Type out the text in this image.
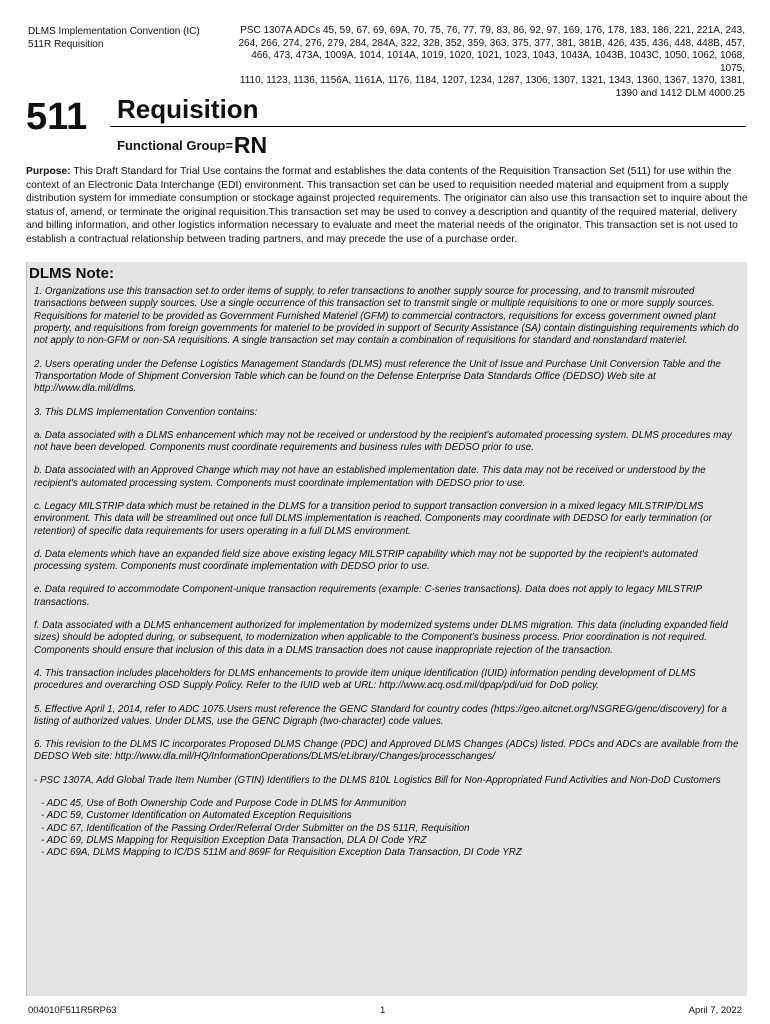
DLMS Implementation Convention (IC)
511R Requisition
PSC 1307A ADCs 45, 59, 67, 69, 69A, 70, 75, 76, 77, 79, 83, 86, 92, 97, 169, 176, 178, 183, 186, 221, 221A, 243,
264, 266, 274, 276, 279, 284, 284A, 322, 328, 352, 359, 363, 375, 377, 381, 381B, 426, 435, 436, 448, 448B, 457,
466, 473, 473A, 1009A, 1014, 1014A, 1019, 1020, 1021, 1023, 1043, 1043A, 1043B, 1043C, 1050, 1062, 1068, 1075,
1110, 1123, 1136, 1156A, 1161A, 1176, 1184, 1207, 1234, 1287, 1306, 1307, 1321, 1343, 1360, 1367, 1370, 1381,
1390 and 1412 DLM 4000.25
511 Requisition
Functional Group=RN
Purpose: This Draft Standard for Trial Use contains the format and establishes the data contents of the Requisition Transaction Set (511) for use within the context of an Electronic Data Interchange (EDI) environment. This transaction set can be used to requisition needed material and equipment from a supply distribution system for immediate consumption or stockage against projected requirements. The originator can also use this transaction set to inquire about the status of, amend, or terminate the original requisition.This transaction set may be used to convey a description and quantity of the required material, delivery and billing information, and other logistics information necessary to evaluate and meet the material needs of the originator. This transaction set is not used to establish a contractual relationship between trading partners, and may precede the use of a purchase order.
DLMS Note:

1. Organizations use this transaction set to order items of supply, to refer transactions to another supply source for processing, and to transmit misrouted transactions between supply sources. Use a single occurrence of this transaction set to transmit single or multiple requisitions to one or more supply sources. Requisitions for materiel to be provided as Government Furnished Materiel (GFM) to commercial contractors, requisitions for excess government owned plant property, and requisitions from foreign governments for materiel to be provided in support of Security Assistance (SA) contain distinguishing requirements which do not apply to non-GFM or non-SA requisitions. A single transaction set may contain a combination of requisitions for standard and nonstandard materiel.

2. Users operating under the Defense Logistics Management Standards (DLMS) must reference the Unit of Issue and Purchase Unit Conversion Table and the Transportation Mode of Shipment Conversion Table which can be found on the Defense Enterprise Data Standards Office (DEDSO) Web site at http://www.dla.mil/dlms.

3. This DLMS Implementation Convention contains:

a. Data associated with a DLMS enhancement which may not be received or understood by the recipient's automated processing system. DLMS procedures may not have been developed. Components must coordinate requirements and business rules with DEDSO prior to use.

b. Data associated with an Approved Change which may not have an established implementation date. This data may not be received or understood by the recipient's automated processing system. Components must coordinate implementation with DEDSO prior to use.

c. Legacy MILSTRIP data which must be retained in the DLMS for a transition period to support transaction conversion in a mixed legacy MILSTRIP/DLMS environment. This data will be streamlined out once full DLMS implementation is reached. Components may coordinate with DEDSO for early termination (or retention) of specific data requirements for users operating in a full DLMS environment.

d. Data elements which have an expanded field size above existing legacy MILSTRIP capability which may not be supported by the recipient's automated processing system. Components must coordinate implementation with DEDSO prior to use.

e. Data required to accommodate Component-unique transaction requirements (example: C-series transactions). Data does not apply to legacy MILSTRIP transactions.

f. Data associated with a DLMS enhancement authorized for implementation by modernized systems under DLMS migration. This data (including expanded field sizes) should be adopted during, or subsequent, to modernization when applicable to the Component’s business process. Prior coordination is not required. Components should ensure that inclusion of this data in a DLMS transaction does not cause inappropriate rejection of the transaction.

4. This transaction includes placeholders for DLMS enhancements to provide item unique identification (IUID) information pending development of DLMS procedures and overarching OSD Supply Policy. Refer to the IUID web at URL: http://www.acq.osd.mil/dpap/pdi/uid for DoD policy.

5. Effective April 1, 2014, refer to ADC 1075.Users must reference the GENC Standard for country codes (https://geo.aitcnet.org/NSGREG/genc/discovery) for a listing of authorized values. Under DLMS, use the GENC Digraph (two-character) code values.

6. This revision to the DLMS IC incorporates Proposed DLMS Change (PDC) and Approved DLMS Changes (ADCs) listed. PDCs and ADCs are available from the DEDSO Web site: http://www.dla.mil/HQ/InformationOperations/DLMS/eLibrary/Changes/processchanges/

- PSC 1307A, Add Global Trade Item Number (GTIN) Identifiers to the DLMS 810L Logistics Bill for Non-Appropriated Fund Activities and Non-DoD Customers

- ADC 45, Use of Both Ownership Code and Purpose Code in DLMS for Ammunition
- ADC 59, Customer Identification on Automated Exception Requisitions
- ADC 67, Identification of the Passing Order/Referral Order Submitter on the DS 511R, Requisition
- ADC 69, DLMS Mapping for Requisition Exception Data Transaction, DLA DI Code YRZ
- ADC 69A, DLMS Mapping to IC/DS 511M and 869F for Requisition Exception Data Transaction, DI Code YRZ
004010F511R5RP63	1	April 7, 2022
